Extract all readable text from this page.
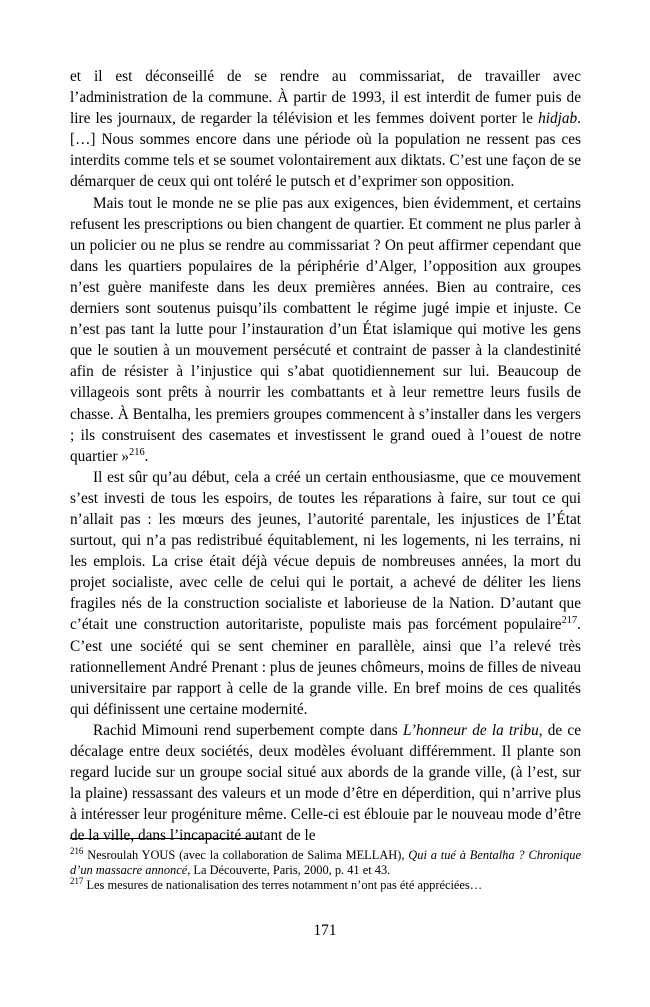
et il est déconseillé de se rendre au commissariat, de travailler avec l’administration de la commune. À partir de 1993, il est interdit de fumer puis de lire les journaux, de regarder la télévision et les femmes doivent porter le hidjab. […] Nous sommes encore dans une période où la population ne ressent pas ces interdits comme tels et se soumet volontairement aux diktats. C’est une façon de se démarquer de ceux qui ont toléré le putsch et d’exprimer son opposition.

Mais tout le monde ne se plie pas aux exigences, bien évidemment, et certains refusent les prescriptions ou bien changent de quartier. Et comment ne plus parler à un policier ou ne plus se rendre au commissariat ? On peut affirmer cependant que dans les quartiers populaires de la périphérie d’Alger, l’opposition aux groupes n’est guère manifeste dans les deux premières années. Bien au contraire, ces derniers sont soutenus puisqu’ils combattent le régime jugé impie et injuste. Ce n’est pas tant la lutte pour l’instauration d’un État islamique qui motive les gens que le soutien à un mouvement persécuté et contraint de passer à la clandestinité afin de résister à l’injustice qui s’abat quotidiennement sur lui. Beaucoup de villageois sont prêts à nourrir les combattants et à leur remettre leurs fusils de chasse. À Bentalha, les premiers groupes commencent à s’installer dans les vergers ; ils construisent des casemates et investissent le grand oued à l’ouest de notre quartier »$^{216}$.

Il est sûr qu’au début, cela a créé un certain enthousiasme, que ce mouvement s’est investi de tous les espoirs, de toutes les réparations à faire, sur tout ce qui n’allait pas : les mœurs des jeunes, l’autorité parentale, les injustices de l’État surtout, qui n’a pas redistribué équitablement, ni les logements, ni les terrains, ni les emplois. La crise était déjà vécue depuis de nombreuses années, la mort du projet socialiste, avec celle de celui qui le portait, a achevé de déliter les liens fragiles nés de la construction socialiste et laborieuse de la Nation. D’autant que c’était une construction autoritariste, populiste mais pas forcément populaire$^{217}$. C’est une société qui se sent cheminer en parallèle, ainsi que l’a relevé très rationnellement André Prenant : plus de jeunes chômeurs, moins de filles de niveau universitaire par rapport à celle de la grande ville. En bref moins de ces qualités qui définissent une certaine modernité.

Rachid Mimouni rend superbement compte dans L’honneur de la tribu, de ce décalage entre deux sociétés, deux modèles évoluant différemment. Il plante son regard lucide sur un groupe social situé aux abords de la grande ville, (à l’est, sur la plaine) ressassant des valeurs et un mode d’être en déperdition, qui n’arrive plus à intéresser leur progéniture même. Celle-ci est éblouie par le nouveau mode d’être de la ville, dans l’incapacité autant de le

$^{216}$ Nesroulah YOUS (avec la collaboration de Salima MELLAH), Qui a tué à Bentalha ? Chronique d’un massacre annoncé, La Découverte, Paris, 2000, p. 41 et 43.

$^{217}$ Les mesures de nationalisation des terres notamment n’ont pas été appréciées…

171
